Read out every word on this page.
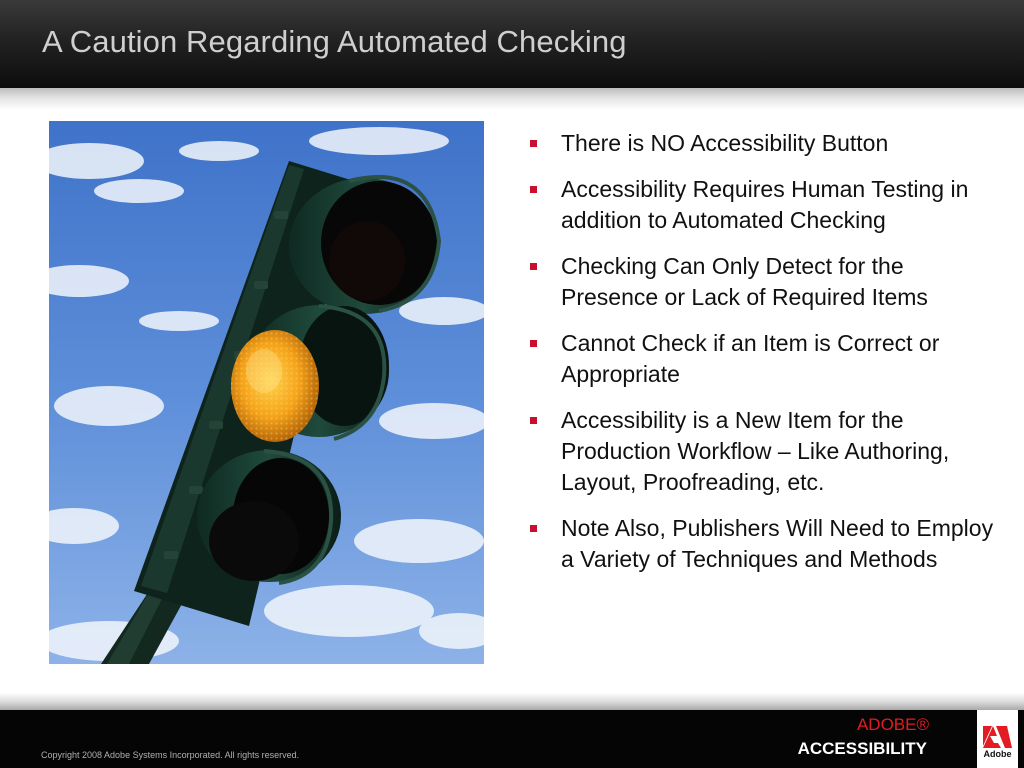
A Caution Regarding Automated Checking
There is NO Accessibility Button
Accessibility Requires Human Testing in addition to Automated Checking
Checking Can Only Detect for the Presence or Lack of Required Items
Cannot Check if an Item is Correct or Appropriate
Accessibility is a New Item for the Production Workflow – Like Authoring, Layout, Proofreading, etc.
Note Also, Publishers Will Need to Employ a Variety of Techniques and Methods
Copyright 2008 Adobe Systems Incorporated. All rights reserved.
ADOBE®
ACCESSIBILITY	Adobe
